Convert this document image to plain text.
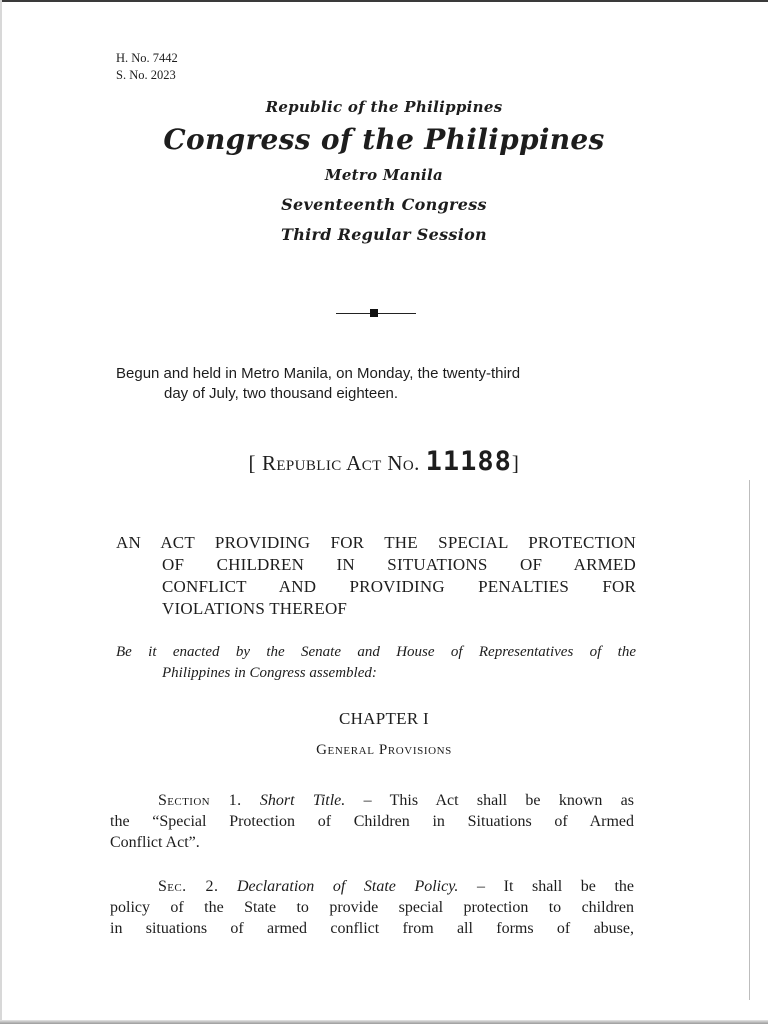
H. No. 7442
S. No. 2023
Republic of the Philippines
Congress of the Philippines
Metro Manila
Seventeenth Congress
Third Regular Session
Begun and held in Metro Manila, on Monday, the twenty-third
day of July, two thousand eighteen.
[ Republic Act No. 11188]
AN ACT PROVIDING FOR THE SPECIAL PROTECTION
OF CHILDREN IN SITUATIONS OF ARMED
CONFLICT AND PROVIDING PENALTIES FOR
VIOLATIONS THEREOF
Be it enacted by the Senate and House of Representatives of the
Philippines in Congress assembled:
CHAPTER I
General Provisions
Section 1. Short Title. – This Act shall be known as
the “Special Protection of Children in Situations of Armed
Conflict Act”.
Sec. 2. Declaration of State Policy. – It shall be the
policy of the State to provide special protection to children
in situations of armed conflict from all forms of abuse,
